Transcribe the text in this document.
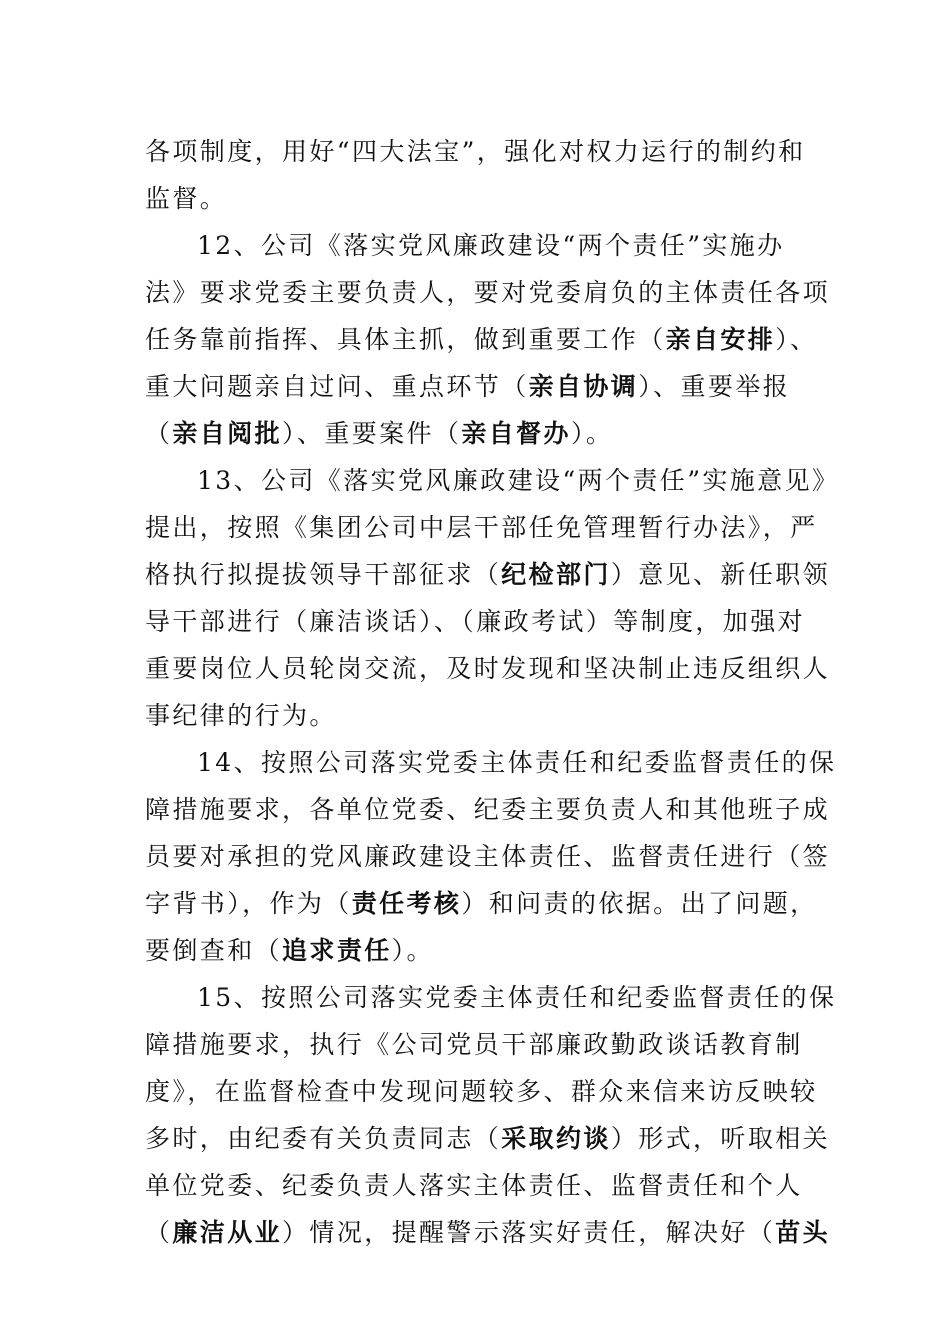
各项制度，用好“四大法宝”，强化对权力运行的制约和
监督。
12、公司《落实党风廉政建设“两个责任”实施办
法》要求党委主要负责人，要对党委肩负的主体责任各项
任务靠前指挥、具体主抓，做到重要工作（亲自安排）、
重大问题亲自过问、重点环节（亲自协调）、重要举报
（亲自阅批）、重要案件（亲自督办）。
13、公司《落实党风廉政建设“两个责任”实施意见》
提出，按照《集团公司中层干部任免管理暂行办法》，严
格执行拟提拔领导干部征求（纪检部门）意见、新任职领
导干部进行（廉洁谈话）、（廉政考试）等制度，加强对
重要岗位人员轮岗交流，及时发现和坚决制止违反组织人
事纪律的行为。
14、按照公司落实党委主体责任和纪委监督责任的保
障措施要求，各单位党委、纪委主要负责人和其他班子成
员要对承担的党风廉政建设主体责任、监督责任进行（签
字背书），作为（责任考核）和问责的依据。出了问题，
要倒查和（追求责任）。
15、按照公司落实党委主体责任和纪委监督责任的保
障措施要求，执行《公司党员干部廉政勤政谈话教育制
度》，在监督检查中发现问题较多、群众来信来访反映较
多时，由纪委有关负责同志（采取约谈）形式，听取相关
单位党委、纪委负责人落实主体责任、监督责任和个人
（廉洁从业）情况，提醒警示落实好责任，解决好（苗头
